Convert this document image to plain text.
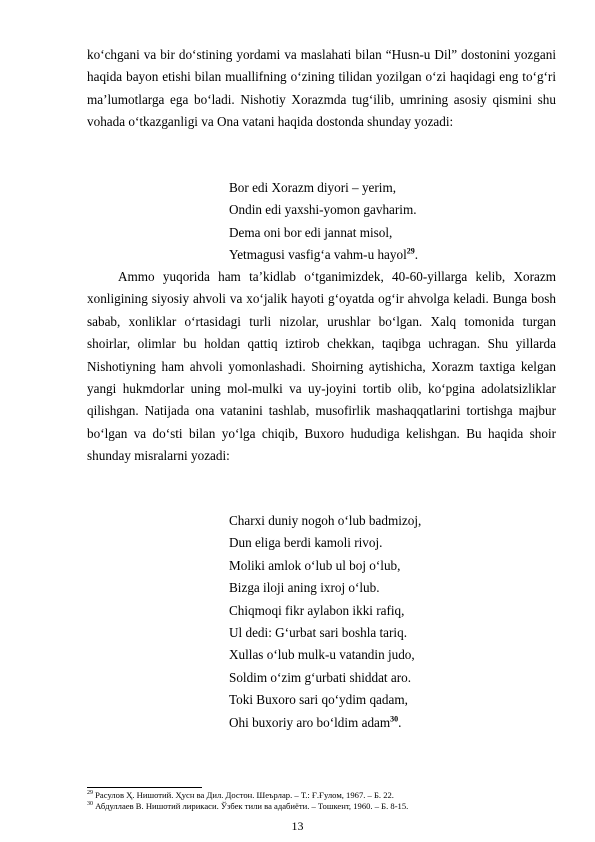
ko‘chgani va bir do‘stining yordami va maslahati bilan “Husn-u Dil” dostonini yozgani haqida bayon etishi bilan muallifning o‘zining tilidan yozilgan o‘zi haqidagi eng to‘g‘ri ma’lumotlarga ega bo‘ladi. Nishotiy Xorazmda tug‘ilib, umrining asosiy qismini shu vohada o‘tkazganligi va Ona vatani haqida dostonda shunday yozadi:

Bor edi Xorazm diyori – yerim,
Ondin edi yaxshi-yomon gavharim.
Dema oni bor edi jannat misol,
Yetmagusi vasfig‘a vahm-u hayol$^{29}$.

Ammo yuqorida ham ta’kidlab o‘tganimizdek, 40-60-yillarga kelib, Xorazm xonligining siyosiy ahvoli va xo‘jalik hayoti g‘oyatda og‘ir ahvolga keladi. Bunga bosh sabab, xonliklar o‘rtasidagi turli nizolar, urushlar bo‘lgan. Xalq tomonida turgan shoirlar, olimlar bu holdan qattiq iztirob chekkan, taqibga uchragan. Shu yillarda Nishotiyning ham ahvoli yomonlashadi. Shoirning aytishicha, Xorazm taxtiga kelgan yangi hukmdorlar uning mol-mulki va uy-joyini tortib olib, ko‘pgina adolatsizliklar qilishgan. Natijada ona vatanini tashlab, musofirlik mashaqqatlarini tortishga majbur bo‘lgan va do‘sti bilan yo‘lga chiqib, Buxoro hududiga kelishgan. Bu haqida shoir shunday misralarni yozadi:

Charxi duniy nogoh o‘lub badmizoj,
Dun eliga berdi kamoli rivoj.
Moliki amlok o‘lub ul boj o‘lub,
Bizga iloji aning ixroj o‘lub.
Chiqmoqi fikr aylabon ikki rafiq,
Ul dedi: G‘urbat sari boshla tariq.
Xullas o‘lub mulk-u vatandin judo,
Soldim o‘zim g‘urbati shiddat aro.
Toki Buxoro sari qo‘ydim qadam,
Ohi buxoriy aro bo‘ldim adam$^{30}$.
$^{29}$ Расулов Ҳ. Нишотий. Ҳусн ва Дил. Достон. Шеърлар. – Т.: Ғ.Ғулом, 1967. – Б. 22.
$^{30}$ Абдуллаев В. Нишотий лирикаси. Ўзбек тили ва адабиёти. – Тошкент, 1960. – Б. 8-15.
13
